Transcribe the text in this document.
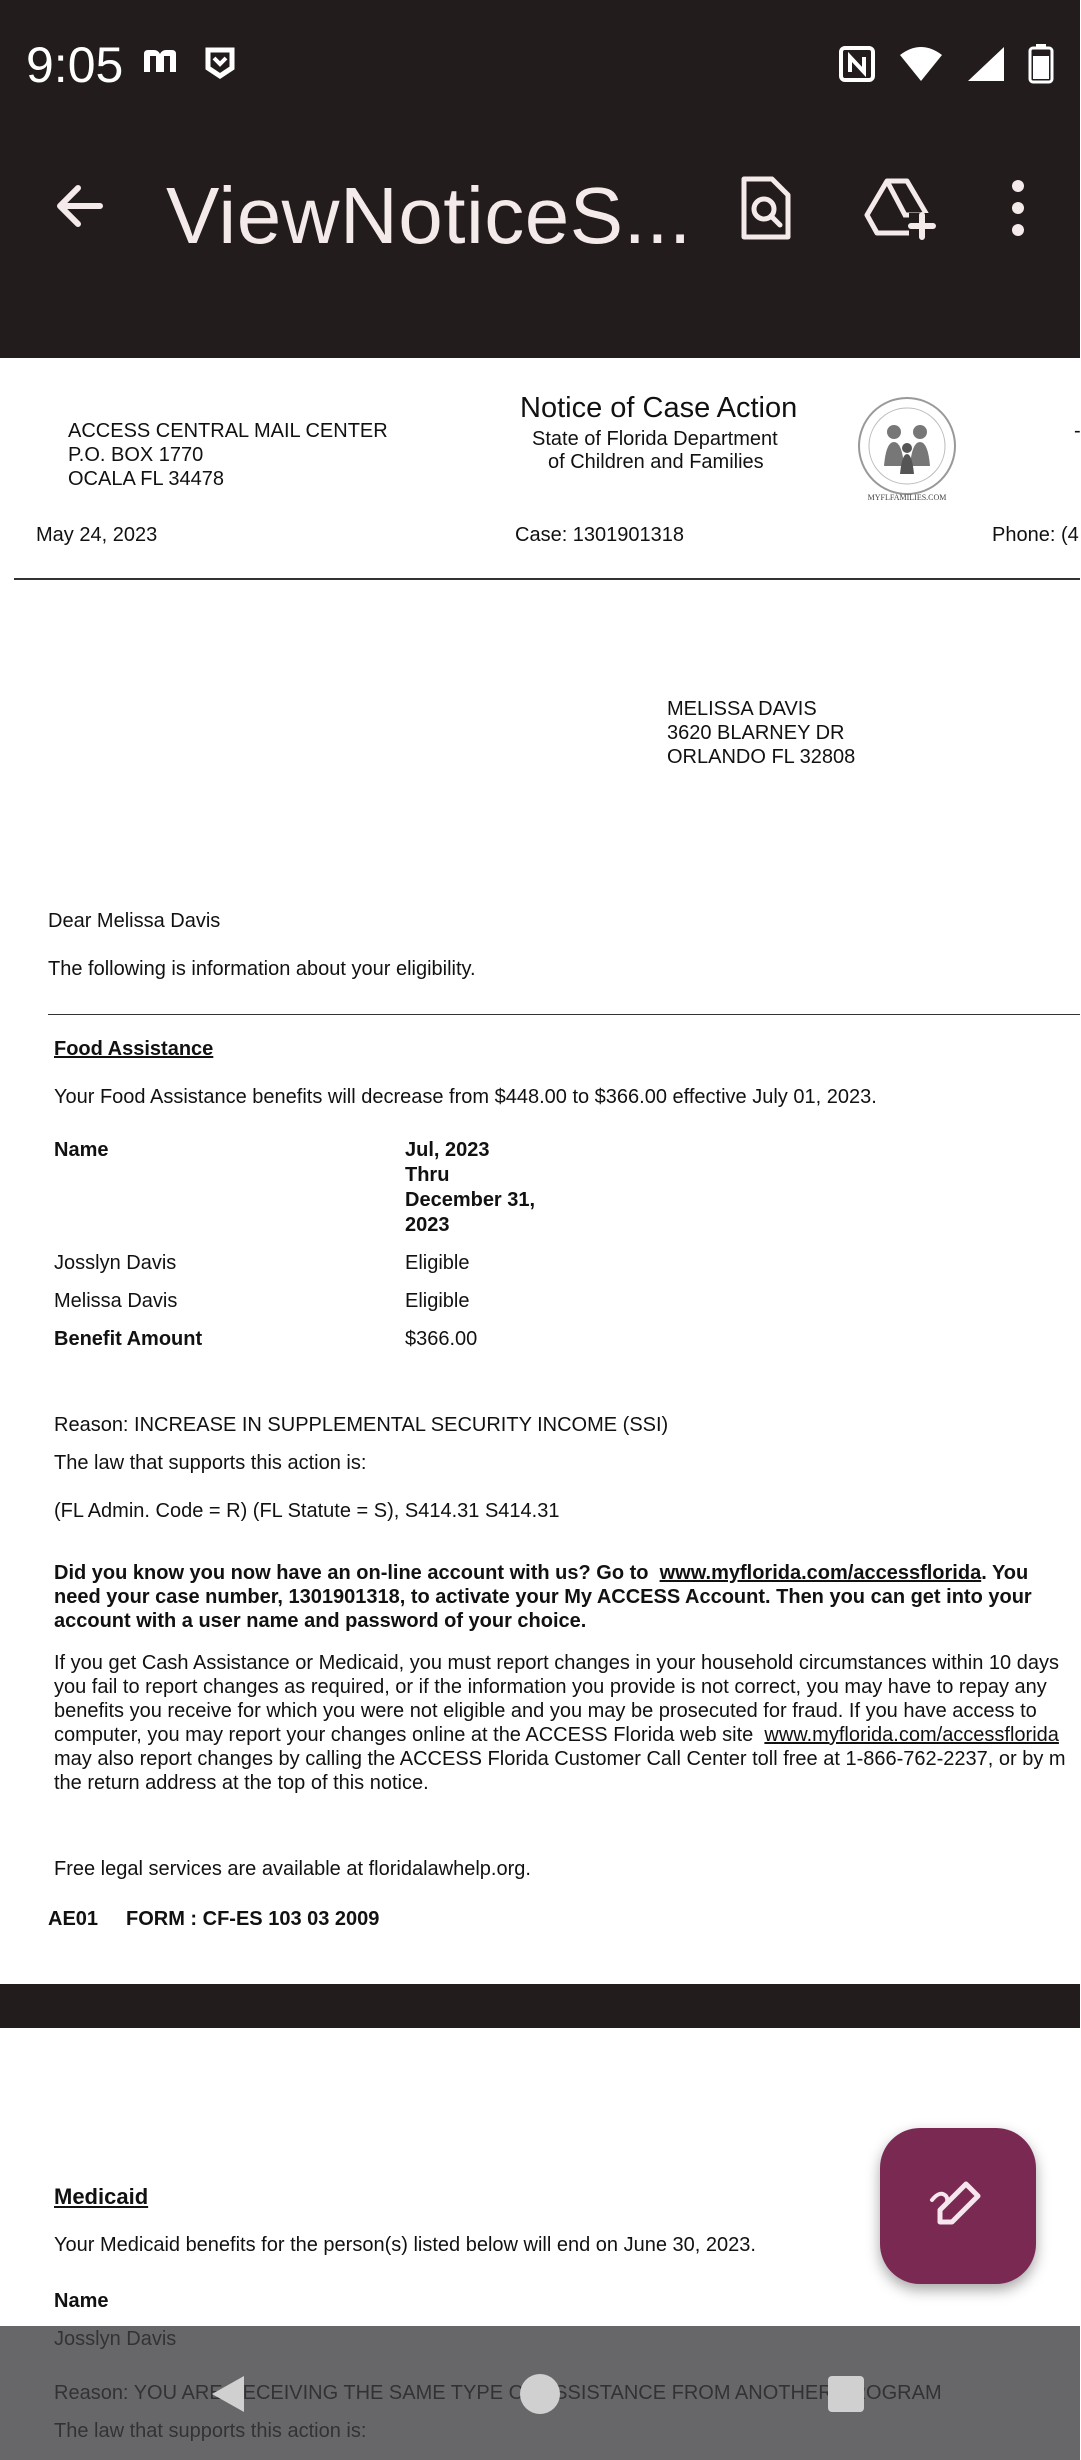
9:05
ViewNoticeS...
ACCESS CENTRAL MAIL CENTER
P.O. BOX 1770
OCALA FL 34478
Notice of Case Action
State of Florida Department
of Children and Families
MYFLFAMILIES.COM
-
May 24, 2023	Case: 1301901318	Phone: (4
MELISSA DAVIS
3620 BLARNEY DR
ORLANDO FL 32808
Dear Melissa Davis
The following is information about your eligibility.
Food Assistance
Your Food Assistance benefits will decrease from $448.00 to $366.00 effective July 01, 2023.
Name	Jul, 2023
Thru
December 31,
2023
Josslyn Davis	Eligible
Melissa Davis	Eligible
Benefit Amount	$366.00
Reason: INCREASE IN SUPPLEMENTAL SECURITY INCOME (SSI)
The law that supports this action is:
(FL Admin. Code = R) (FL Statute = S), S414.31 S414.31
Did you know you now have an on-line account with us? Go to www.myflorida.com/accessflorida. You
need your case number, 1301901318, to activate your My ACCESS Account. Then you can get into your
account with a user name and password of your choice.
If you get Cash Assistance or Medicaid, you must report changes in your household circumstances within 10 days
you fail to report changes as required, or if the information you provide is not correct, you may have to repay any
benefits you receive for which you were not eligible and you may be prosecuted for fraud. If you have access to
computer, you may report your changes online at the ACCESS Florida web site www.myflorida.com/accessflorida
may also report changes by calling the ACCESS Florida Customer Call Center toll free at 1-866-762-2237, or by m
the return address at the top of this notice.
Free legal services are available at floridalawhelp.org.
AE01 FORM : CF-ES 103 03 2009
Medicaid
Your Medicaid benefits for the person(s) listed below will end on June 30, 2023.
Name
